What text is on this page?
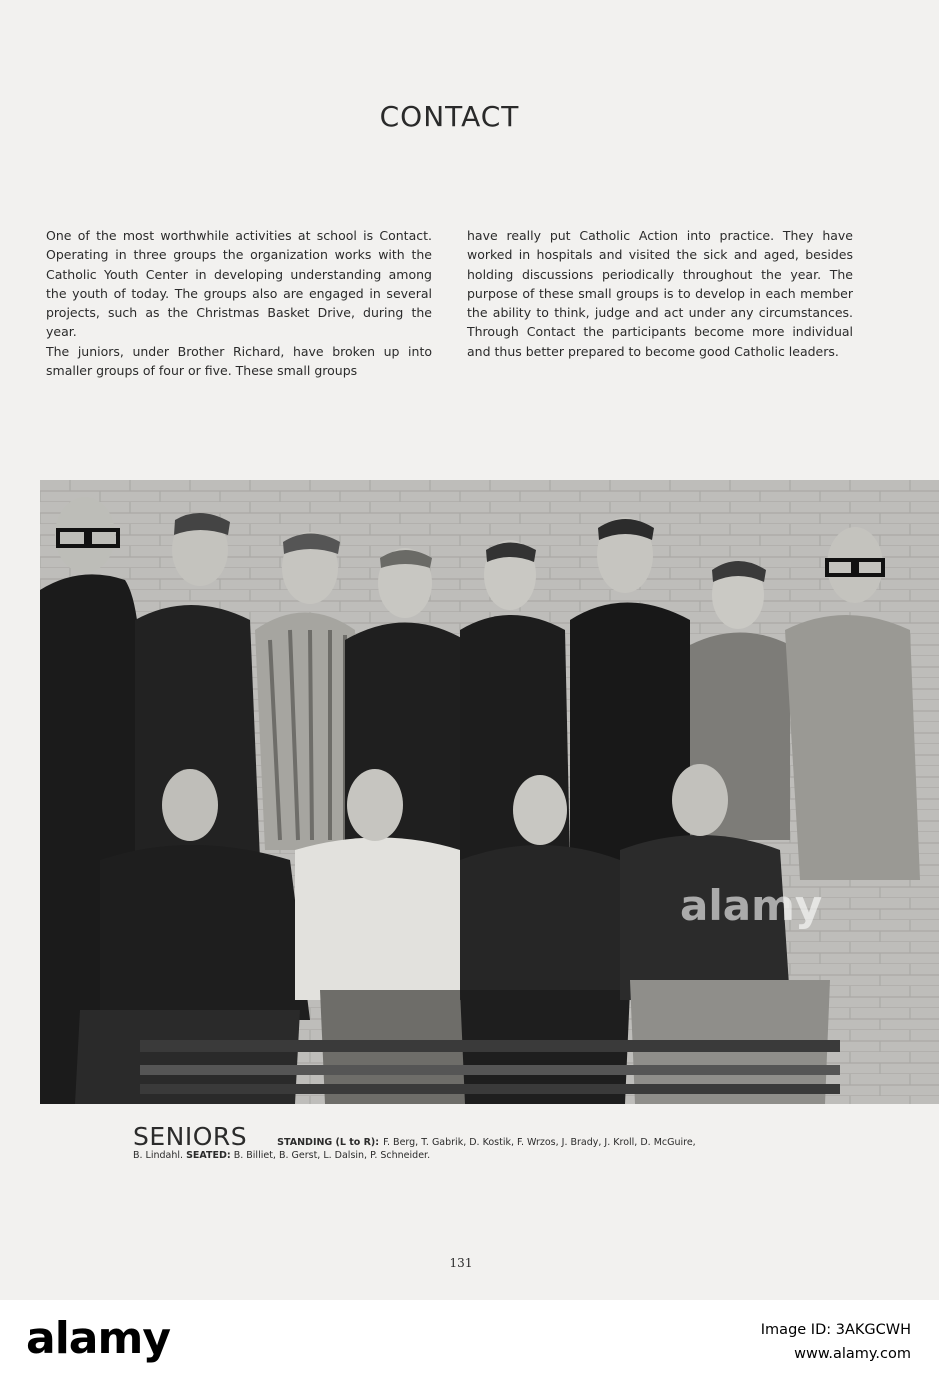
CONTACT

One of the most worthwhile activities at school is Contact. Operating in three groups the organization works with the Catholic Youth Center in developing understanding among the youth of today. The groups also are engaged in several projects, such as the Christmas Basket Drive, during the year.

The juniors, under Brother Richard, have broken up into smaller groups of four or five. These small groups

have really put Catholic Action into practice. They have worked in hospitals and visited the sick and aged, besides holding discussions periodically throughout the year. The purpose of these small groups is to develop in each member the ability to think, judge and act under any circumstances. Through Contact the participants become more individual and thus better prepared to become good Catholic leaders.

alamy
SENIORS	STANDING (L to R): F. Berg, T. Gabrik, D. Kostik, F. Wrzos, J. Brady, J. Kroll, D. McGuire,
B. Lindahl. SEATED: B. Billiet, B. Gerst, L. Dalsin, P. Schneider.
131
alamy	Image ID: 3AKGCWH
www.alamy.com
